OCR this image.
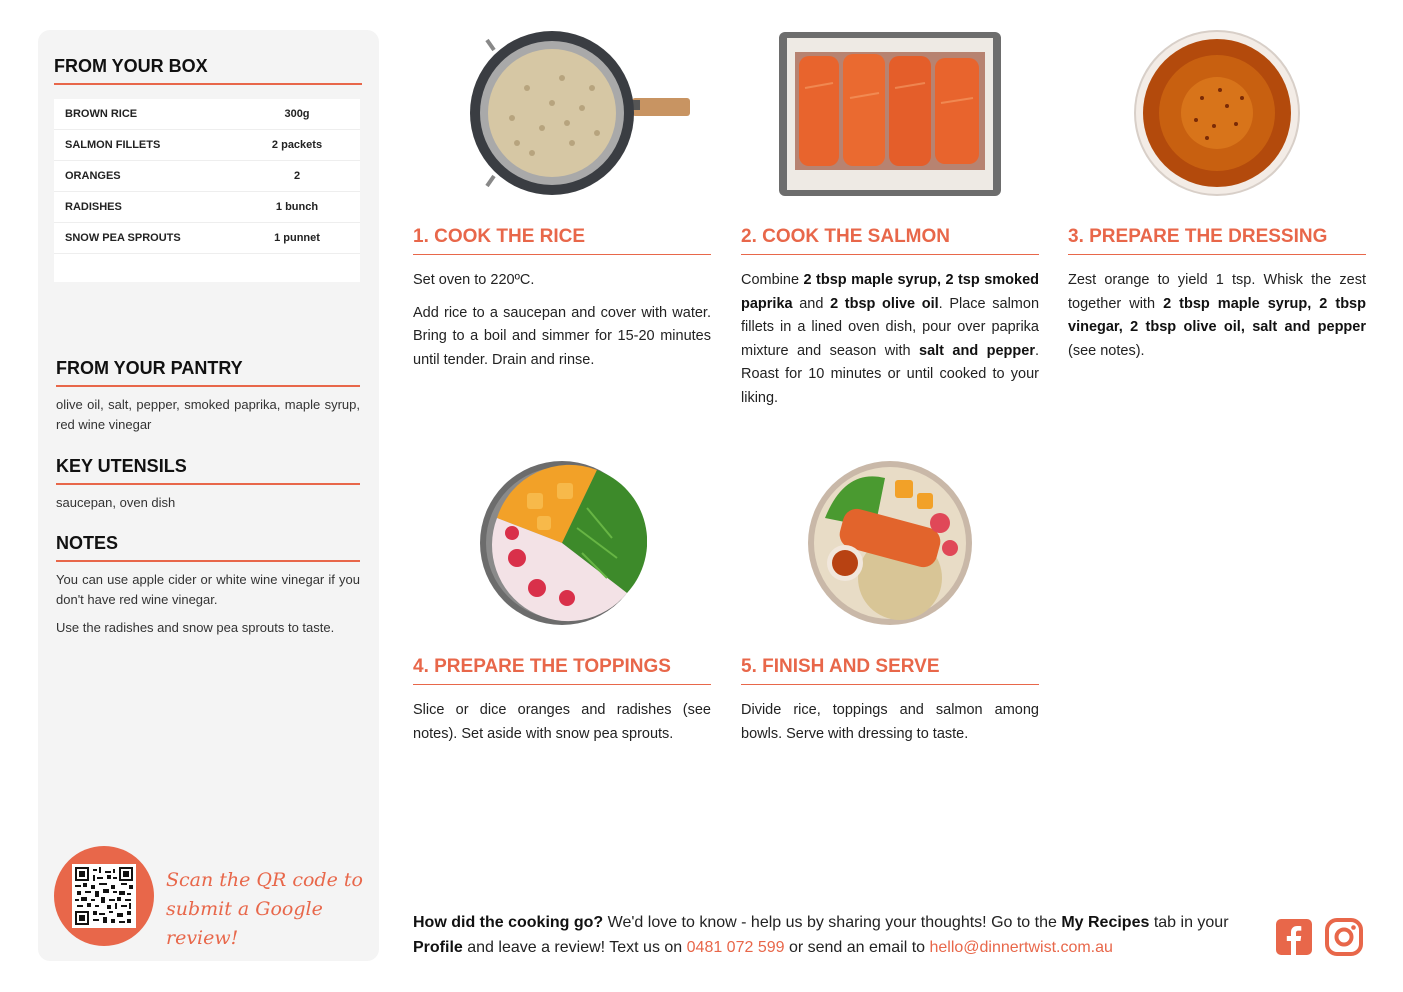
FROM YOUR BOX
BROWN RICE	300g
SALMON FILLETS	2 packets
ORANGES	2
RADISHES	1 bunch
SNOW PEA SPROUTS	1 punnet
FROM YOUR PANTRY
olive oil, salt, pepper, smoked paprika, maple syrup, red wine vinegar
KEY UTENSILS
saucepan, oven dish
NOTES
You can use apple cider or white wine vinegar if you don't have red wine vinegar.
Use the radishes and snow pea sprouts to taste.
Scan the QR code to
submit a Google review!
1. COOK THE RICE
Set oven to 220ºC.
Add rice to a saucepan and cover with water. Bring to a boil and simmer for 15-20 minutes until tender. Drain and rinse.
2. COOK THE SALMON
Combine 2 tbsp maple syrup, 2 tsp smoked paprika and 2 tbsp olive oil. Place salmon fillets in a lined oven dish, pour over paprika mixture and season with salt and pepper. Roast for 10 minutes or until cooked to your liking.
3. PREPARE THE DRESSING
Zest orange to yield 1 tsp. Whisk the zest together with 2 tbsp maple syrup, 2 tbsp vinegar, 2 tbsp olive oil, salt and pepper (see notes).
4. PREPARE THE TOPPINGS
Slice or dice oranges and radishes (see notes). Set aside with snow pea sprouts.
5. FINISH AND SERVE
Divide rice, toppings and salmon among bowls. Serve with dressing to taste.
How did the cooking go? We'd love to know - help us by sharing your thoughts! Go to the My Recipes tab in your Profile and leave a review! Text us on 0481 072 599 or send an email to hello@dinnertwist.com.au
